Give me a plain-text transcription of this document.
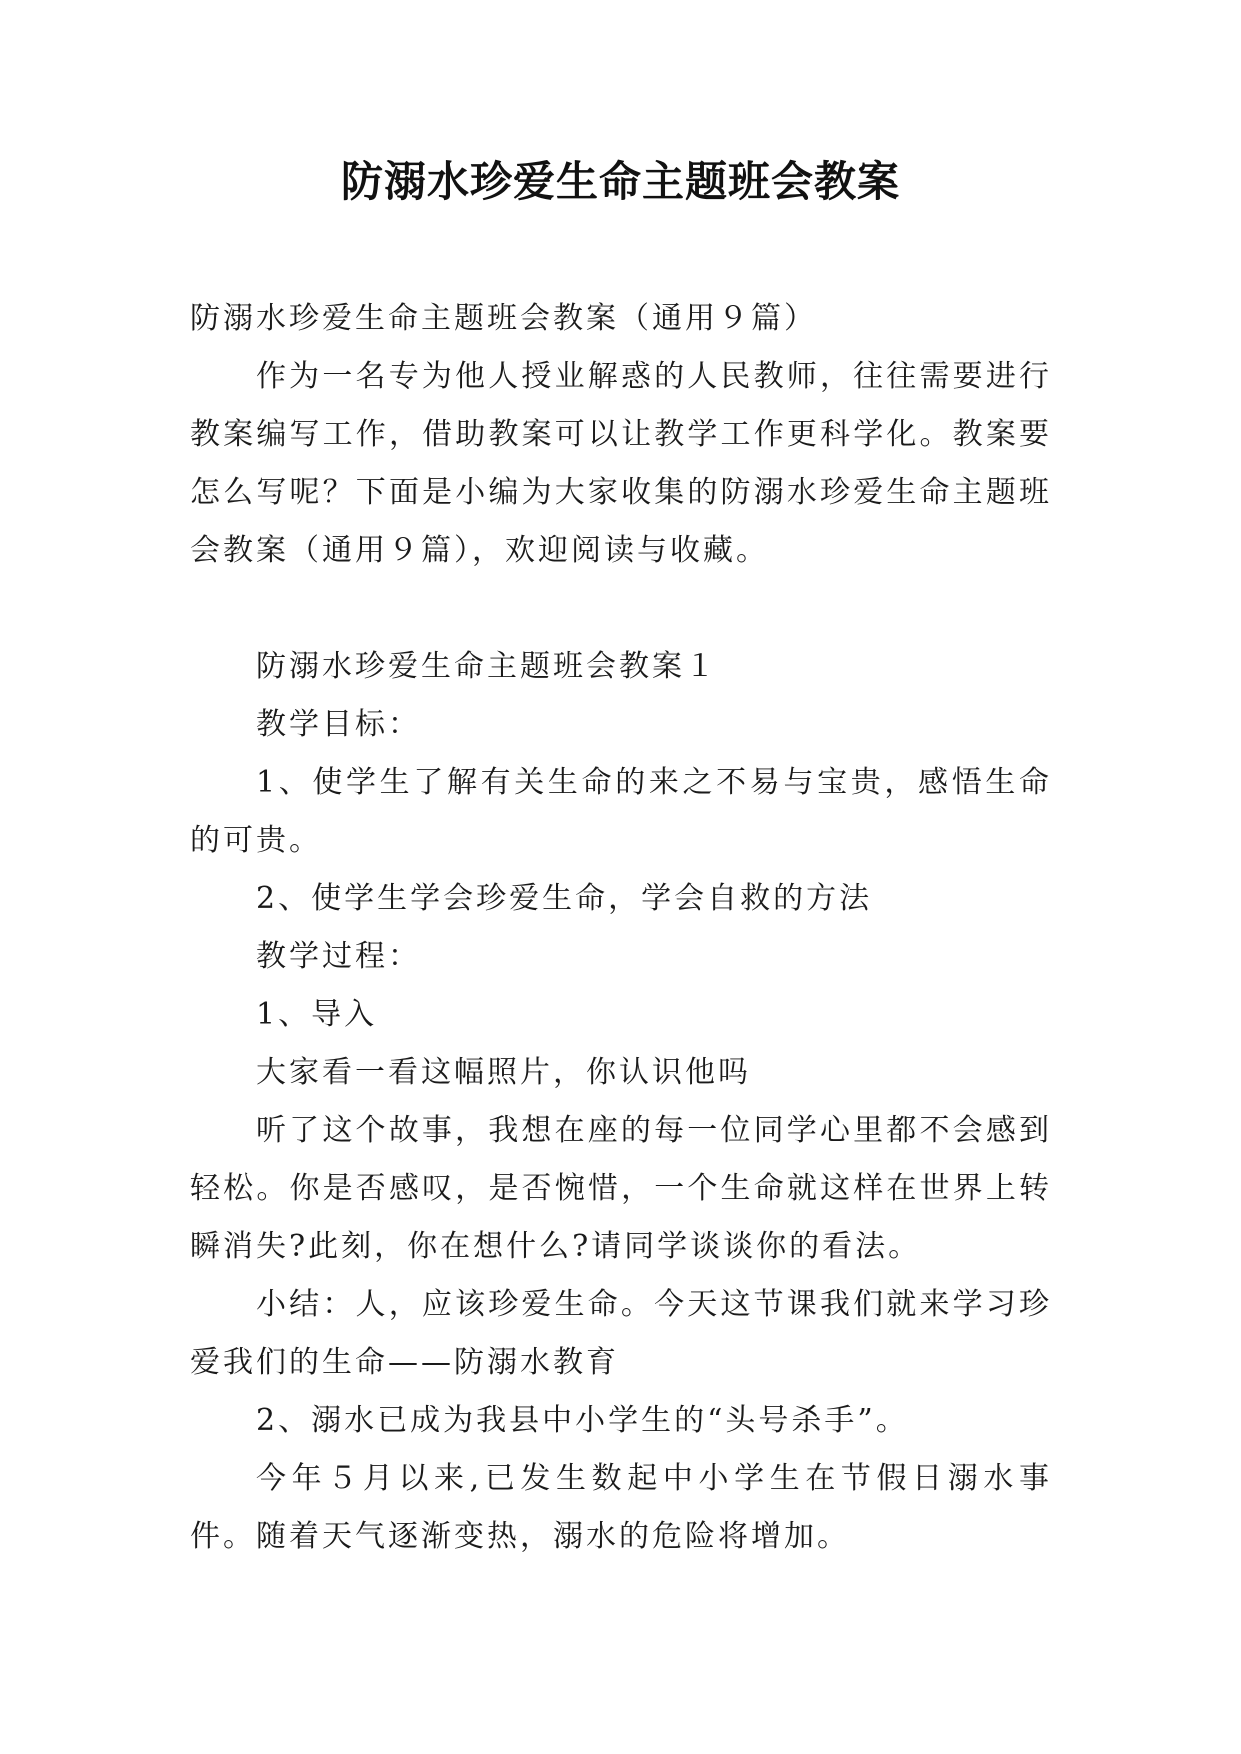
防溺水珍爱生命主题班会教案

防溺水珍爱生命主题班会教案（通用９篇）

作为一名专为他人授业解惑的人民教师，往往需要进行教案编写工作，借助教案可以让教学工作更科学化。教案要怎么写呢？下面是小编为大家收集的防溺水珍爱生命主题班会教案（通用９篇），欢迎阅读与收藏。

防溺水珍爱生命主题班会教案１

教学目标：

1、使学生了解有关生命的来之不易与宝贵，感悟生命的可贵。

2、使学生学会珍爱生命，学会自救的方法

教学过程：

1、导入

大家看一看这幅照片，你认识他吗

听了这个故事，我想在座的每一位同学心里都不会感到轻松。你是否感叹，是否惋惜，一个生命就这样在世界上转瞬消失?此刻，你在想什么?请同学谈谈你的看法。

小结：人，应该珍爱生命。今天这节课我们就来学习珍爱我们的生命——防溺水教育

2、溺水已成为我县中小学生的“头号杀手”。

今年５月以来,已发生数起中小学生在节假日溺水事件。随着天气逐渐变热，溺水的危险将增加。
